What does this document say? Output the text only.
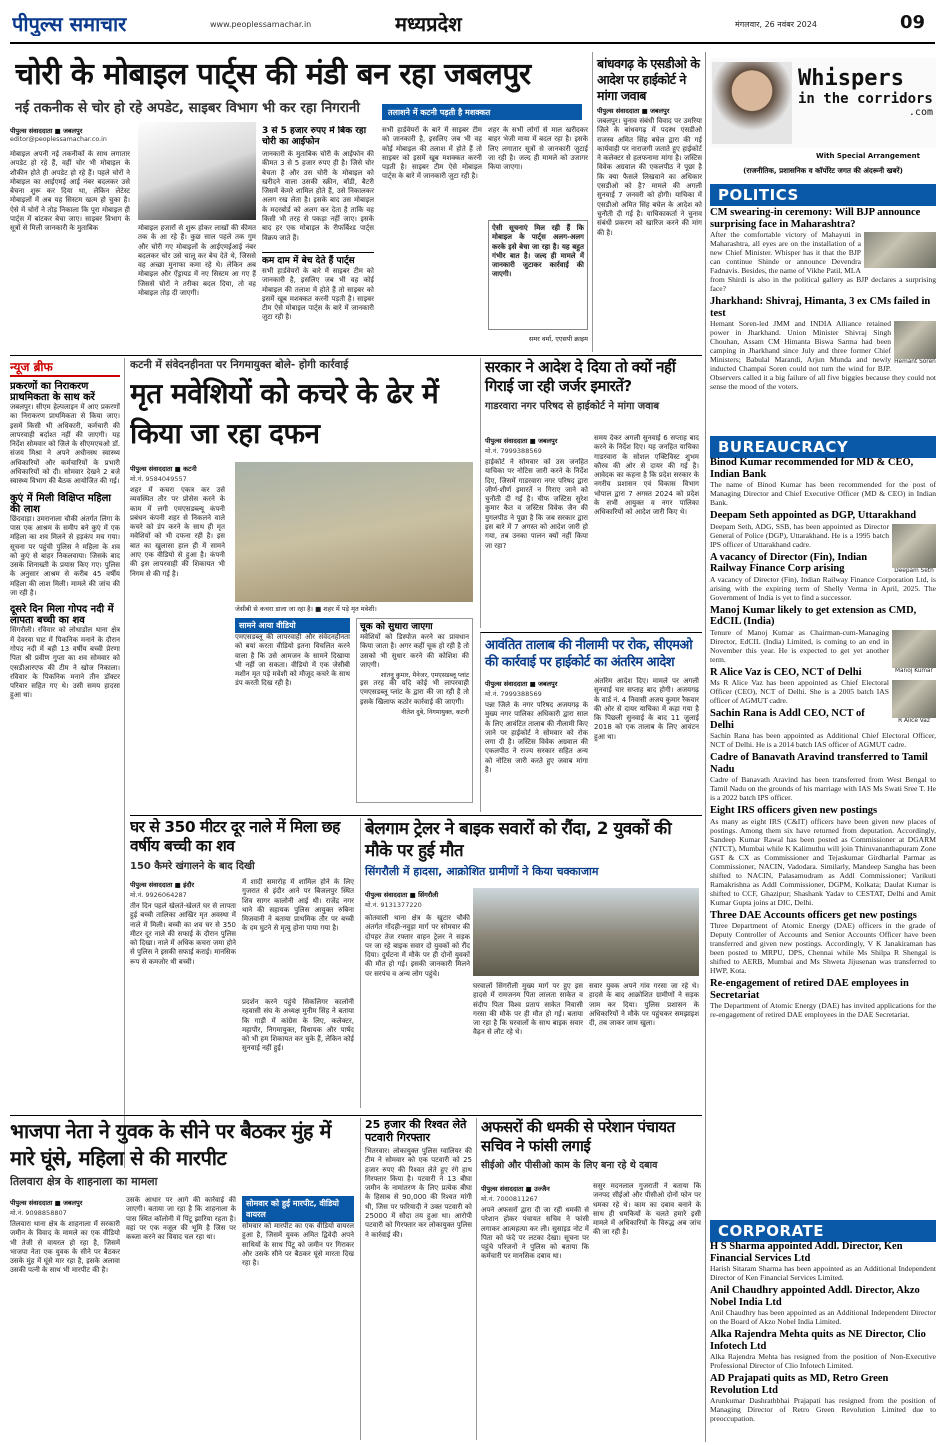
पीपुल्स समाचार	www.peoplessamachar.in	मध्यप्रदेश	मंगलवार, 26 नवंबर 2024	09
चोरी के मोबाइल पार्ट्स की मंडी बन रहा जबलपुर
नई तकनीक से चोर हो रहे अपडेट, साइबर विभाग भी कर रहा निगरानी
पीपुल्स संवाददाता ■ जबलपुर
editor@peoplessamachar.co.in
मोबाइल अपनी नई तकनीकों के साथ लगातार अपडेट हो रहे हैं, वहीं चोर भी मोबाइल के शौकीन होते ही अपडेट हो रहे हैं। पहले चोरों ने मोबाइल का आईएमई आई नंबर बदलकर उसे बेचना शुरू कर दिया था, लेकिन लेटेस्ट मोबाइलों में अब यह सिस्टम खत्म हो चुका है। ऐसे में चोरों ने तोड़ निकाला कि पूरा मोबाइल ही पार्ट्स में बांटकर बेचा जाए। साइबर विभाग के सूत्रों से मिली जानकारी के मुताबिक	मोबाइल हजारों से शुरू होकर लाखों की कीमत तक के आ रहे हैं। कुछ साल पहले तक गुम और चोरी गए मोबाइलों के आईएमईआई नंबर बदलकर चोर उसे चालू कर बेच देते थे, जिससे वह अच्छा मुनाफा कमा रहे थे। लेकिन अब मोबाइल और ऐंड्रायड में नए सिस्टम आ गए हैं जिससे चोरों ने तरीका बदल दिया, तो वह मोबाइल तोड़ दी जाएगी।
3 से 5 हजार रुपए में बिक रहा चोरी का आईफोन
जानकारी के मुताबिक चोरी के आईफोन की कीमत 3 से 5 हजार रुपए ही है। जिसे चोर बेचता है और उस चोरी के मोबाइल को खरीदने वाला उसकी स्क्रीन, बॉडी, बैटरी जिसमें केमरे शामिल होते हैं, उसे निकालकर अलग रख लेता है। इसके बाद उस मोबाइल के मदरबोर्ड को अलग कर देता है ताकि वह किसी भी तरह से पकड़ा नहीं जाए। इसके बाद हर एक मोबाइल के रीफर्बिश्ड पार्ट्स विक्रय जाते हैं।
कम दाम में बेच देते हैं पार्ट्स
सभी हार्डवेयरों के बारे में साइबर टीम को जानकारी है, इसलिए जब भी वह कोई मोबाइल की तलाश में होते हैं तो साइबर को इसमें खूब मशक्कत करनी पड़ती है। साइबर टीम ऐसे मोबाइल पार्ट्स के बारे में जानकारी जुटा रही है।
तलाशने में कटनी पड़ती है मशक्कत
सभी हार्डवेयरों के बारे में साइबर टीम को जानकारी है, इसलिए जब भी वह कोई मोबाइल की तलाश में होते हैं तो साइबर को इसमें खूब मशक्कत करनी पड़ती है। साइबर टीम ऐसे मोबाइल पार्ट्स के बारे में जानकारी जुटा रही है।
शहर के सभी लोगों से माल खरीदकर बाहर भेजी माया में बदल रहा है। इसके लिए लगातार सूत्रों से जानकारी जुटाई जा रही है। जल्द ही मामले को उजागर किया जाएगा।
ऐसी सूचनाएं मिल रही हैं कि मोबाइल के पार्ट्स अलग-अलग करके इसे बेचा जा रहा है। यह बहुत गंभीर बात है। जल्द ही मामले में जानकारी जुटाकर कार्रवाई की जाएगी।
समर वर्मा, एएसपी क्राइम
बांधवगढ़ के एसडीओ के आदेश पर हाईकोर्ट ने मांगा जवाब
पीपुल्स संवाददाता ■ जबलपुर
जबलपुर। चुनाव संबंधी विवाद पर उमरिया जिले के बांधवगढ़ में पदस्थ एसडीओ राजस्व अमित सिंह बघेल द्वारा की गई कार्यवाही पर नाराजगी जताते हुए हाईकोर्ट ने कलेक्टर से हलफनामा मांगा है। जस्टिस विवेक अग्रवाल की एकलपीठ ने पूछा है कि क्या फैसले लिखवाने का अधिकार एसडीओ को है? मामले की अगली सुनवाई 7 जनवरी को होगी। याचिका में एसडीओ अमित सिंह बघेल के आदेश को चुनौती दी गई है। याचिकाकर्ता ने चुनाव संबंधी प्रकरण को खारिज करने की मांग की है।
Whispers
in the corridors
.com
With Special Arrangement
(राजनीतिक, प्रशासनिक व कॉर्पोरेट जगत की अंदरूनी खबरें)
POLITICS
CM swearing-in ceremony: Will BJP announce surprising face in Maharashtra?
After the comfortable victory of Mahayuti in Maharashtra, all eyes are on the installation of a new Chief Minister. Whisper has it that the BJP can continue Shinde or announce Devendra Fadnavis. Besides, the name of Vikhe Patil, MLA from Shirdi is also in the political gallery as BJP declares a surprising face?
Jharkhand: Shivraj, Himanta, 3 ex CMs failed in test
Hemant Soren
Hemant Soren-led JMM and INDIA Alliance retained power in Jharkhand. Union Minister Shivraj Singh Chouhan, Assam CM Himanta Biswa Sarma had been camping in Jharkhand since July and three former Chief Ministers; Babulal Marandi, Arjun Munda and newly inducted Champai Soren could not turn the wind for BJP. Observers called it a big failure of all five biggies because they could not sense the mood of the voters.
BUREAUCRACY
Binod Kumar recommended for MD & CEO, Indian Bank
The name of Binod Kumar has been recommended for the post of Managing Director and Chief Executive Officer (MD & CEO) in Indian Bank.
Deepam Seth appointed as DGP, Uttarakhand
Deepam Seth
Deepam Seth, ADG, SSB, has been appointed as Director General of Police (DGP), Uttarakhand. He is a 1995 batch IPS officer of Uttarakhand cadre.
A vacancy of Director (Fin), Indian Railway Finance Corp arising
A vacancy of Director (Fin), Indian Railway Finance Corporation Ltd, is arising with the expiring term of Shelly Verma in April, 2025. The Government of India is yet to find a successor.
Manoj Kumar likely to get extension as CMD, EdCIL (India)
Manoj Kumar
Tenure of Manoj Kumar as Chairman-cum-Managing Director, EdCIL (India) Limited, is coming to an end in November this year. He is expected to get yet another term.
R Alice Vaz is CEO, NCT of Delhi
R Alice Vaz
Ms R Alice Vaz has been appointed as Chief Electoral Officer (CEO), NCT of Delhi. She is a 2005 batch IAS officer of AGMUT cadre.
Sachin Rana is Addl CEO, NCT of Delhi
Sachin Rana has been appointed as Additional Chief Electoral Officer, NCT of Delhi. He is a 2014 batch IAS officer of AGMUT cadre.
Cadre of Banavath Aravind transferred to Tamil Nadu
Cadre of Banavath Aravind has been transferred from West Bengal to Tamil Nadu on the grounds of his marriage with IAS Ms Swati Sree T. He is a 2022 batch IPS officer.
Eight IRS officers given new postings
As many as eight IRS (C&IT) officers have been given new places of postings. Among them six have returned from deputation. Accordingly, Sandeep Kumar Rawal has been posted as Commissioner at DGARM (NTCT), Mumbai while K Kalimuthu will join Thiruvananthapuram Zone GST & CX as Commissioner and Tejaskumar Girdharlal Parmar as Commissioner, NACIN, Vadodara. Similarly, Mandeep Sangha has been shifted to NACIN, Palasamudram as Addl Commissioner; Varikuti Ramakrishna as Addl Commissioner, DGPM, Kolkata; Daulat Kumar is shifted to CCF, Ghazipur; Shashank Yadav to CESTAT, Delhi and Amit Kumar Gupta joins at DIC, Delhi.
Three DAE Accounts officers get new postings
Three Department of Atomic Energy (DAE) officers in the grade of Deputy Controller of Accounts and Senior Accounts Officer have been transferred and given new postings. Accordingly, V K Janakiraman has been posted to MRPU, DPS, Chennai while Ms Shilpa R Shengal is shifted to AERB, Mumbai and Ms Shweta Jijusenan was transferred to HWP, Kota.
Re-engagement of retired DAE employees in Secretariat
The Department of Atomic Energy (DAE) has invited applications for the re-engagement of retired DAE employees in the DAE Secretariat.
CORPORATE
H S Sharma appointed Addl. Director, Ken Financial Services Ltd
Harish Sitaram Sharma has been appointed as an Additional Independent Director of Ken Financial Services Limited.
Anil Chaudhry appointed Addl. Director, Akzo Nobel India Ltd
Anil Chaudhry has been appointed as an Additional Independent Director on the Board of Akzo Nobel India Limited.
Alka Rajendra Mehta quits as NE Director, Clio Infotech Ltd
Alka Rajendra Mehta has resigned from the position of Non-Executive Professional Director of Clio Infotech Limited.
AD Prajapati quits as MD, Retro Green Revolution Ltd
Arunkumar Dashrathbhai Prajapati has resigned from the position of Managing Director of Retro Green Revolution Limited due to preoccupation.
न्यूज ब्रीफ
प्रकरणों का निराकरण प्राथमिकता के साथ करें
जबलपुर। सीएम हेल्पलाइन में आए प्रकरणों का निराकरण प्राथमिकता से किया जाए। इसमें किसी भी अधिकारी, कर्मचारी की लापरवाही बर्दाश्त नहीं की जाएगी। यह निर्देश सोमवार को जिले के सीएमएचओ डॉ. संजय मिश्रा ने अपने अधीनस्थ स्वास्थ्य अधिकारियों और कर्मचारियों के प्रभारी अधिकारियों को दी। सोमवार देखने 2 बजे स्वास्थ्य विभाग की बैठक आयोजित की गई।
कुएं में मिली विक्षिप्त महिला की लाश
छिंदवाड़ा। उमरानाला चौकी अंतर्गत लिंगा के पास एक आश्रम के समीप बने कुएं में एक महिला का शव मिलने से हड़कंप मच गया। सूचना पर पहुंची पुलिस ने महिला के शव को कुएं से बाहर निकलवाया। जिसके बाद उसके शिनाख्ती के प्रयास किए गए। पुलिस के अनुसार आश्रम से करीब 45 वर्षीय महिला की लाश मिली। मामले की जांच की जा रही है।
दूसरे दिन मिला गोपद नदी में लापता बच्ची का शव
सिंगरौली। रविवार को लोधाडोल थाना क्षेत्र में देवरवा घाट में पिकनिक मनाने के दौरान गोपद नदी में बही 13 वर्षीय बच्ची प्रेरणा पिता श्री प्रवीण गुप्ता का शव सोमवार को एसडीआरएफ की टीम ने खोज निकाला। रविवार के पिकनिक मनाने तीन डॉक्टर परिवार सहित गए थे। उसी समय हादसा हुआ था।
कटनी में संवेदनहीनता पर निगमायुक्त बोले- होगी कार्रवाई
मृत मवेशियों को कचरे के ढेर में किया जा रहा दफन
पीपुल्स संवाददाता ■ कटनी
मो.नं. 9584049557
शहर में कचरा एकत्र कर उसे व्यवस्थित तौर पर प्रोसेस करने के काम में लगी एमएसडब्ल्यू कंपनी प्रबंधन कंपनी शहर से निकलने वाले कचरे को डंप करने के साथ ही मृत मवेशियों को भी दफना रही है। इस बात का खुलासा हाल ही में सामने आए एक वीडियो से हुआ है। कंपनी की इस लापरवाही की शिकायत भी निगम से की गई है।
जेसीबी से कचरा डाला जा रहा है। ■ शहर में पड़े मृत मवेशी।
सामने आया वीडियो
एमएसडब्लू की लापरवाही और संवेदनहीनता को बयां करता वीडियो इतना विचलित करने वाला है कि उसे आमजन के सामने दिखाया भी नहीं जा सकता। वीडियो में एक जेसीबी मशीन मृत पड़े मवेशी को मौजूद कचरे के साथ डंप करती दिख रही है।
चूक को सुधारा जाएगा
मवेशियों को डिस्पोज करने का प्रावधान किया जाता है। अगर कहीं चूक हो रही है तो उसको भी सुधार करने की कोशिश की जाएगी।
शांतनु कुमार, मैनेजर, एमएसडब्लू प्लांट
इस तरह की यदि कोई भी लापरवाही एमएसडब्लू प्लांट के द्वारा की जा रही है तो इसके खिलाफ कठोर कार्रवाई की जाएगी।
नीतेश दुबे, निगमायुक्त, कटनी
सरकार ने आदेश दे दिया तो क्यों नहीं गिराई जा रही जर्जर इमारतें?
गाडरवारा नगर परिषद से हाईकोर्ट ने मांगा जवाब
पीपुल्स संवाददाता ■ जबलपुर
मो.नं. 7999388569
हाईकोर्ट ने सोमवार को उस जनहित याचिका पर नोटिस जारी करने के निर्देश दिए, जिसमें गाडरवारा नगर परिषद द्वारा जीर्ण-शीर्ण इमारतें न गिराए जाने को चुनौती दी गई है। चीफ जस्टिस सुरेश कुमार कैत व जस्टिस विवेक जैन की युगलपीठ ने पूछा है कि जब सरकार द्वारा इस बारे में 7 अगस्त को आदेश जारी हो गया, तब उनका पालन क्यों नहीं किया जा रहा?
समय देकर अगली सुनवाई 6 सप्ताह बाद करने के निर्देश दिए। यह जनहित याचिका गाडरवारा के सोशल एक्टिविस्ट शुभम कौरव की ओर से दायर की गई है। आवेदक का कहना है कि प्रदेश सरकार के नगरीय प्रशासन एवं विकास विभाग भोपाल द्वारा 7 अगस्त 2024 को प्रदेश के सभी आयुक्त व नगर पालिका अधिकारियों को आदेश जारी किए थे।
आवंतित तालाब की नीलामी पर रोक, सीएमओ की कार्रवाई पर हाईकोर्ट का अंतरिम आदेश
पीपुल्स संवाददाता ■ जबलपुर
मो.नं. 7999388569
पन्ना जिले के नगर परिषद अजयगढ़ के मुख्य नगर पालिका अधिकारी द्वारा साल के लिए आवंटित तालाब की नीलामी किए जाने पर हाईकोर्ट ने सोमवार को रोक लगा दी है। जस्टिस विवेक अग्रवाल की एकलपीठ ने राज्य सरकार सहित अन्य को नोटिस जारी करते हुए जवाब मांगा है।
अंतरिम आदेश दिए। मामले पर अगली सुनवाई चार सप्ताह बाद होगी। अजयगढ़ के वार्ड नं. 4 निवासी अजय कुमार रैकवार की ओर से दायर याचिका में कहा गया है कि पिछली सुनवाई के बाद 11 जुलाई 2018 को एक तालाब के लिए आवंटन हुआ था।
घर से 350 मीटर दूर नाले में मिला छह वर्षीय बच्ची का शव
150 कैमरे खंगालने के बाद दिखी
पीपुल्स संवाददाता ■ इंदौर
मो.नं. 9926064287
तीन दिन पहले खेलते-खेलते घर से लापता हुई बच्ची तालिका आखिर मृत अवस्था में नाले में मिली। बच्ची का शव घर से 350 मीटर दूर नाले की सफाई के दौरान पुलिस को दिखा। नाले में अधिक कचरा जमा होने से पुलिस ने इसकी सफाई कराई। मानसिक रूप से कमजोर थी बच्ची।
में शादी समारोह में शामिल होने के लिए गुजरात से इंदौर आने पर बिजलपुर स्थित शिव सागर कालोनी आई थी। राजेंद्र नगर थाने की सहायक पुलिस आयुक्त रुबिना मिजवानी ने बताया प्राथमिक तौर पर बच्ची के दम घुटने से मृत्यु होना पाया गया है।
प्रदर्शन करने पहुंचे सिकलिगर कालोनी रहवासी संघ के अध्यक्ष मुनीम सिंह ने बताया कि गाड़ी में कांग्रेस के लिए, कलेक्टर, महापौर, निगमायुक्त, विधायक और पार्षद को भी हम शिकायत कर चुके हैं, लेकिन कोई सुनवाई नहीं हुई।
बेलगाम ट्रेलर ने बाइक सवारों को रौंदा, 2 युवकों की मौके पर हुई मौत
सिंगरौली में हादसा, आक्रोशित ग्रामीणों ने किया चक्काजाम
पीपुल्स संवाददाता ■ सिंगरौली
मो.नं. 9131377220
कोतवाली थाना क्षेत्र के खुटार चौकी अंतर्गत गोंदही-नवुड़ा मार्ग पर सोमवार की दोपहर तेज रफ्तार वाहन ट्रेलर ने सड़क पर जा रहे बाइक सवार दो युवकों को रौंद दिया। दुर्घटना में मौके पर ही दोनों युवकों की मौत हो गई। इसकी जानकारी मिलने पर सरपंच व अन्य लोग पहुंचे।
घरवालों सिंगरौली मुख्य मार्ग पर हुए इस हादसे में रामजनम पिता लालता साकेत व संदीप पिता विश्व प्रताप साकेत निवासी गरसा की मौके पर ही मौत हो गई। बताया जा रहा है कि घरवालों के साथ बाइक सवार वैढ़न से लौट रहे थे।
सवार युवक अपने गांव गरसा जा रहे थे। हादसे के बाद आक्रोशित ग्रामीणों ने सड़क जाम कर दिया। पुलिस प्रशासन के अधिकारियों ने मौके पर पहुंचकर समझाइश दी, तब जाकर जाम खुला।
भाजपा नेता ने युवक के सीने पर बैठकर मुंह में मारे घूंसे, महिला से की मारपीट
तिलवारा क्षेत्र के शाहनाला का मामला
पीपुल्स संवाददाता ■ जबलपुर
मो.नं. 9098858807
तिलवारा थाना क्षेत्र के शाहनाला में सरकारी जमीन के विवाद के मामले का एक वीडियो भी तेजी से वायरल हो रहा है, जिसमें भाजपा नेता एक युवक के सीने पर बैठकर उसके मुंह में घूंसे मार रहा है, इसके अलावा उसकी पत्नी के साथ भी मारपीट की है।
उसके आधार पर आगे की कार्रवाई की जाएगी। बताया जा रहा है कि शाहनाला के पास स्थित कॉलोनी में पिंटू झारिया रहता है। वहां पर एक नजूल की भूमि है जिस पर कब्जा करने का विवाद चल रहा था।
सोमवार को हुई मारपीट, वीडियो वायरल
सोमवार को मारपीट का एक वीडियो वायरल हुआ है, जिसमें युवक अमित द्विवेदी अपने साथियों के साथ पिंटू को जमीन पर गिराकर और उसके सीने पर बैठकर घूंसे मारता दिख रहा है।
25 हजार की रिश्वत लेते पटवारी गिरफ्तार
भितरवार। लोकायुक्त पुलिस ग्वालियर की टीम ने सोमवार को एक पटवारी को 25 हजार रुपए की रिश्वत लेते हुए रंगे हाथ गिरफ्तार किया है। पटवारी ने 13 बीघा जमीन के नामांतरण के लिए प्रत्येक बीघा के हिसाब से 90,000 की रिश्वत मांगी थी, जिस पर फरियादी ने उक्त पटवारी को 25000 में सौदा तय हुआ था। आरोपी पटवारी को गिरफ्तार कर लोकायुक्त पुलिस ने कार्रवाई की।
अफसरों की धमकी से परेशान पंचायत सचिव ने फांसी लगाई
सीईओ और पीसीओ काम के लिए बना रहे थे दबाव
पीपुल्स संवाददाता ■ उज्जैन
मो.नं. 7000811267
अपने अफसरों द्वारा दी जा रही धमकी से परेशान होकर पंचायत सचिव ने फांसी लगाकर आत्महत्या कर ली। सुसाइड नोट में पिता को फंदे पर लटका देखा। सूचना पर पहुंचे परिजनों ने पुलिस को बताया कि कर्मचारी पर मानसिक दबाव था।
ससुर मदनलाल गुजराती ने बताया कि जनपद सीईओ और पीसीओ दोनों फोन पर धमका रहे थे। काम का दबाव बनाने के साथ ही धमकियों के चलते हमारे इसी मामले में अधिकारियों के विरुद्ध अब जांच की जा रही है।
